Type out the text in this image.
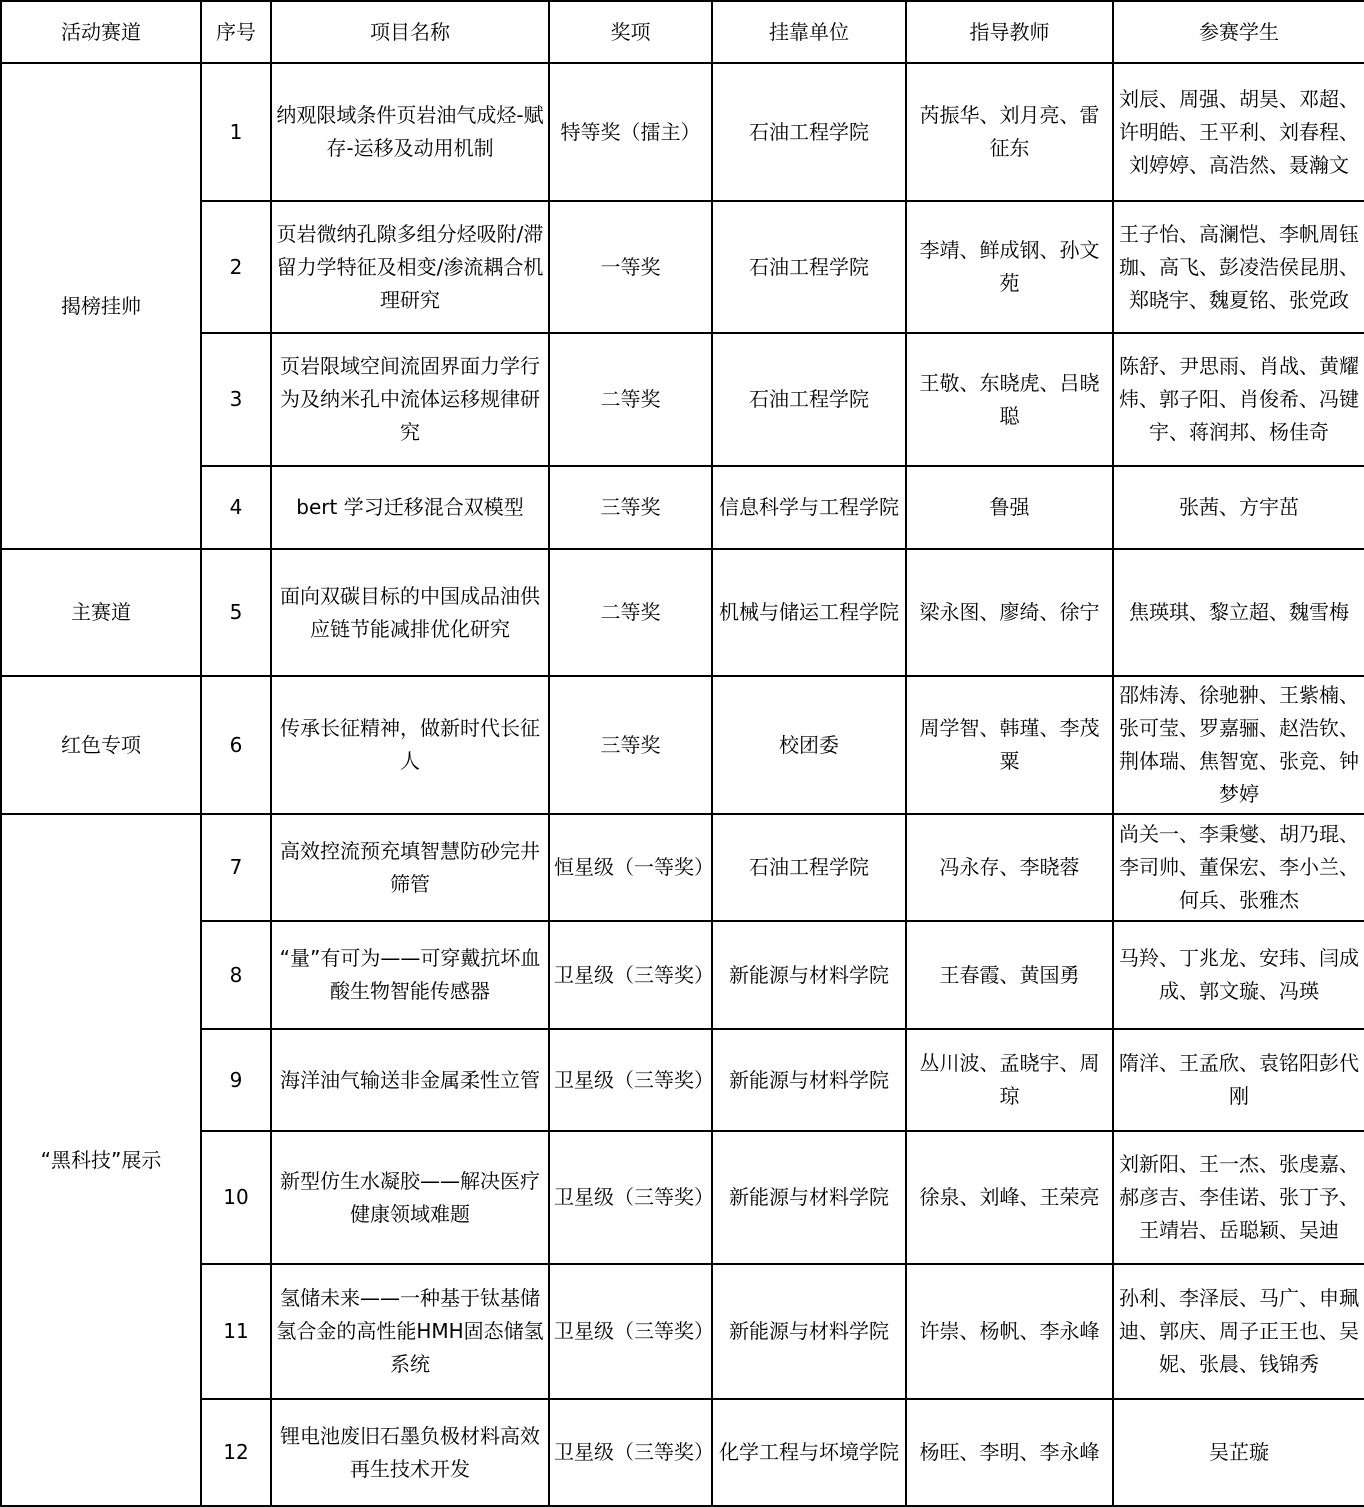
活动赛道	序号	项目名称	奖项	挂靠单位	指导教师	参赛学生
揭榜挂帅	1	纳观限域条件页岩油气成烃-赋存-运移及动用机制	特等奖（擂主）	石油工程学院	芮振华、刘月亮、雷征东	刘辰、周强、胡昊、邓超、许明皓、王平利、刘春程、刘婷婷、高浩然、聂瀚文
	2	页岩微纳孔隙多组分烃吸附/滞留力学特征及相变/渗流耦合机理研究	一等奖	石油工程学院	李靖、鲜成钢、孙文苑	王子怡、高澜恺、李帆周钰珈、高飞、彭凌浩侯昆朋、郑晓宇、魏夏铭、张党政
	3	页岩限域空间流固界面力学行为及纳米孔中流体运移规律研究	二等奖	石油工程学院	王敬、东晓虎、吕晓聪	陈舒、尹思雨、肖战、黄耀炜、郭子阳、肖俊希、冯键宇、蒋润邦、杨佳奇
	4	bert 学习迁移混合双模型	三等奖	信息科学与工程学院	鲁强	张茜、方宇茁
主赛道	5	面向双碳目标的中国成品油供应链节能减排优化研究	二等奖	机械与储运工程学院	梁永图、廖绮、徐宁	焦瑛琪、黎立超、魏雪梅
红色专项	6	传承长征精神，做新时代长征人	三等奖	校团委	周学智、韩瑾、李茂粟	邵炜涛、徐驰翀、王紫楠、张可莹、罗嘉骊、赵浩钦、荆体瑞、焦智宽、张竞、钟梦婷
“黑科技”展示	7	高效控流预充填智慧防砂完井筛管	恒星级（一等奖）	石油工程学院	冯永存、李晓蓉	尚关一、李秉燮、胡乃琨、李司帅、董保宏、李小兰、何兵、张雅杰
	8	“量”有可为——可穿戴抗坏血酸生物智能传感器	卫星级（三等奖）	新能源与材料学院	王春霞、黄国勇	马羚、丁兆龙、安玮、闫成成、郭文璇、冯瑛
	9	海洋油气输送非金属柔性立管	卫星级（三等奖）	新能源与材料学院	丛川波、孟晓宇、周琼	隋洋、王孟欣、袁铭阳彭代刚
	10	新型仿生水凝胶——解决医疗健康领域难题	卫星级（三等奖）	新能源与材料学院	徐泉、刘峰、王荣亮	刘新阳、王一杰、张虔嘉、郝彦吉、李佳诺、张丁予、王靖岩、岳聪颖、吴迪
	11	氢储未来——一种基于钛基储氢合金的高性能HMH固态储氢系统	卫星级（三等奖）	新能源与材料学院	许崇、杨帆、李永峰	孙利、李泽辰、马广、申珮迪、郭庆、周子正王也、吴妮、张晨、钱锦秀
	12	锂电池废旧石墨负极材料高效再生技术开发	卫星级（三等奖）	化学工程与坏境学院	杨旺、李明、李永峰	吴芷璇
